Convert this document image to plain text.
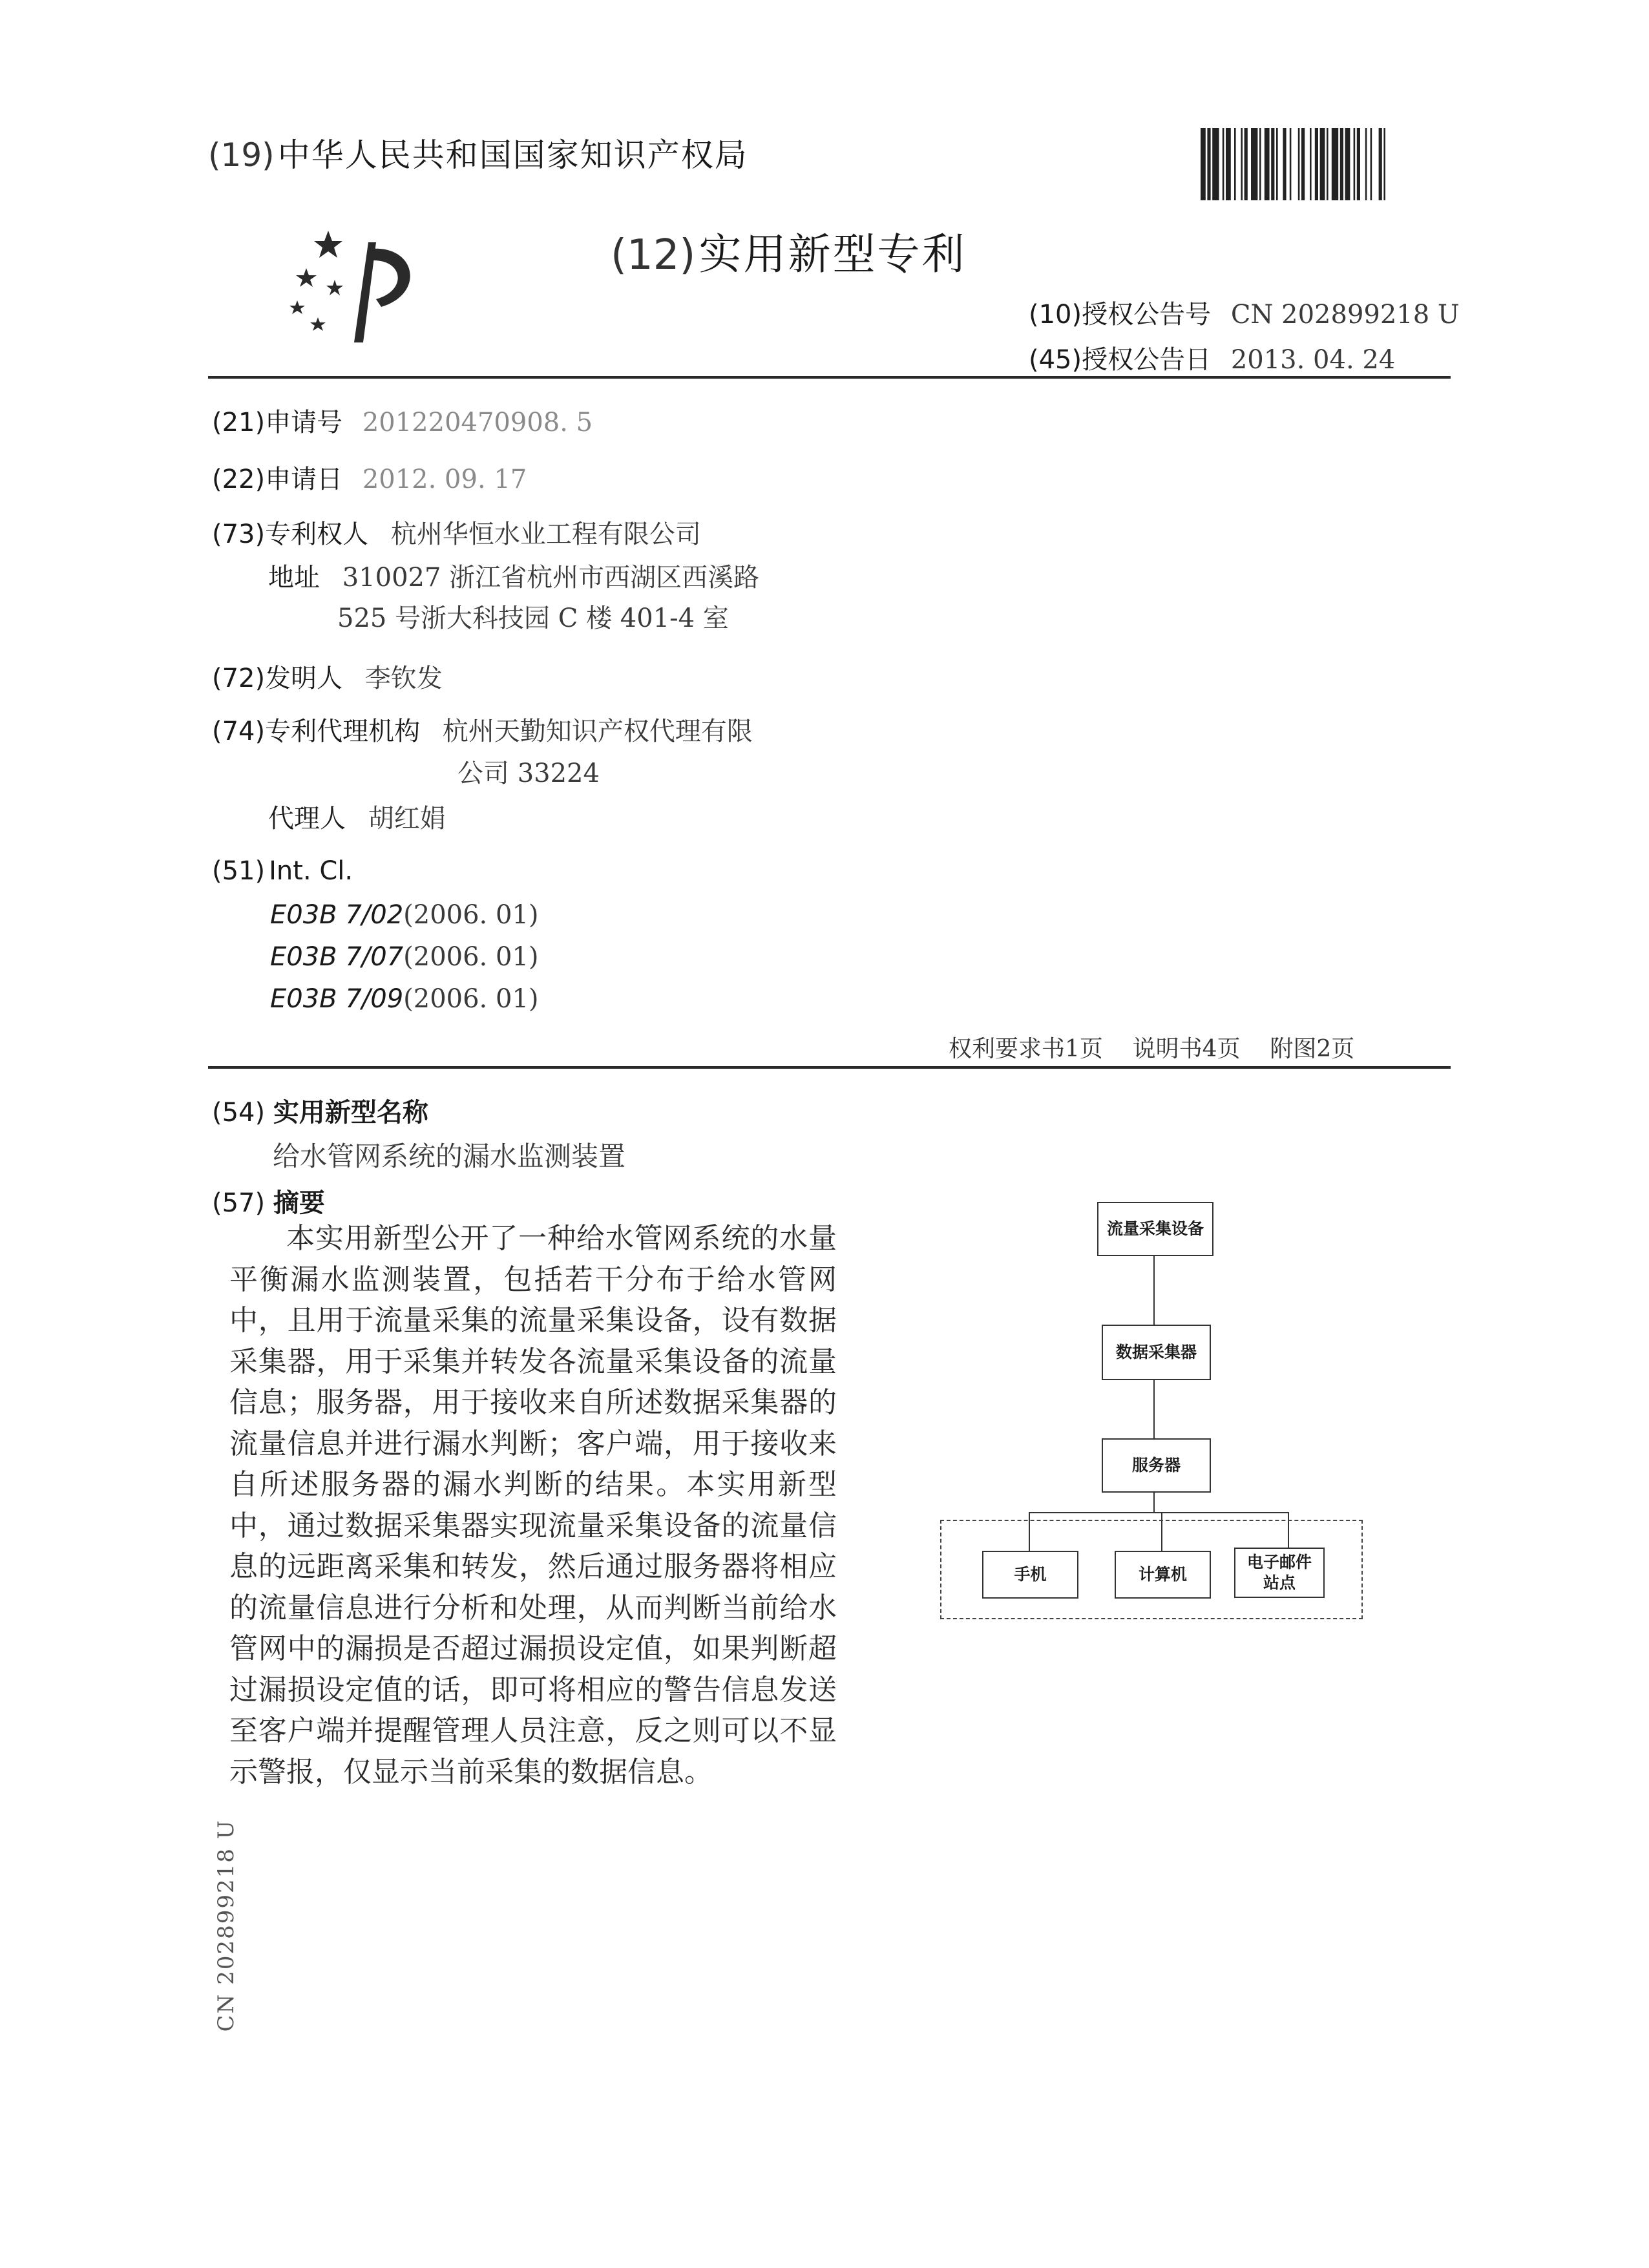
(19) 中华人民共和国国家知识产权局
(12) 实用新型专利
(10)授权公告号 CN 202899218 U
(45)授权公告日 2013. 04. 24
(21)申请号 201220470908. 5
(22)申请日 2012. 09. 17
(73)专利权人 杭州华恒水业工程有限公司
地址 310027 浙江省杭州市西湖区西溪路
525 号浙大科技园 C 楼 401-4 室
(72)发明人 李钦发
(74)专利代理机构 杭州天勤知识产权代理有限
公司 33224
代理人 胡红娟
(51) Int. Cl.
E03B 7/02(2006. 01)
E03B 7/07(2006. 01)
E03B 7/09(2006. 01)
权利要求书1页    说明书4页    附图2页
(54) 实用新型名称
给水管网系统的漏水监测装置
(57) 摘要

本实用新型公开了一种给水管网系统的水量平衡漏水监测装置，包括若干分布于给水管网中，且用于流量采集的流量采集设备，设有数据采集器，用于采集并转发各流量采集设备的流量信息；服务器，用于接收来自所述数据采集器的流量信息并进行漏水判断；客户端，用于接收来自所述服务器的漏水判断的结果。本实用新型中，通过数据采集器实现流量采集设备的流量信息的远距离采集和转发，然后通过服务器将相应的流量信息进行分析和处理，从而判断当前给水管网中的漏损是否超过漏损设定值，如果判断超过漏损设定值的话，即可将相应的警告信息发送至客户端并提醒管理人员注意，反之则可以不显示警报，仅显示当前采集的数据信息。

流量采集设备
数据采集器
服务器
手机	计算机
电子邮件站点
CN 202899218 U
